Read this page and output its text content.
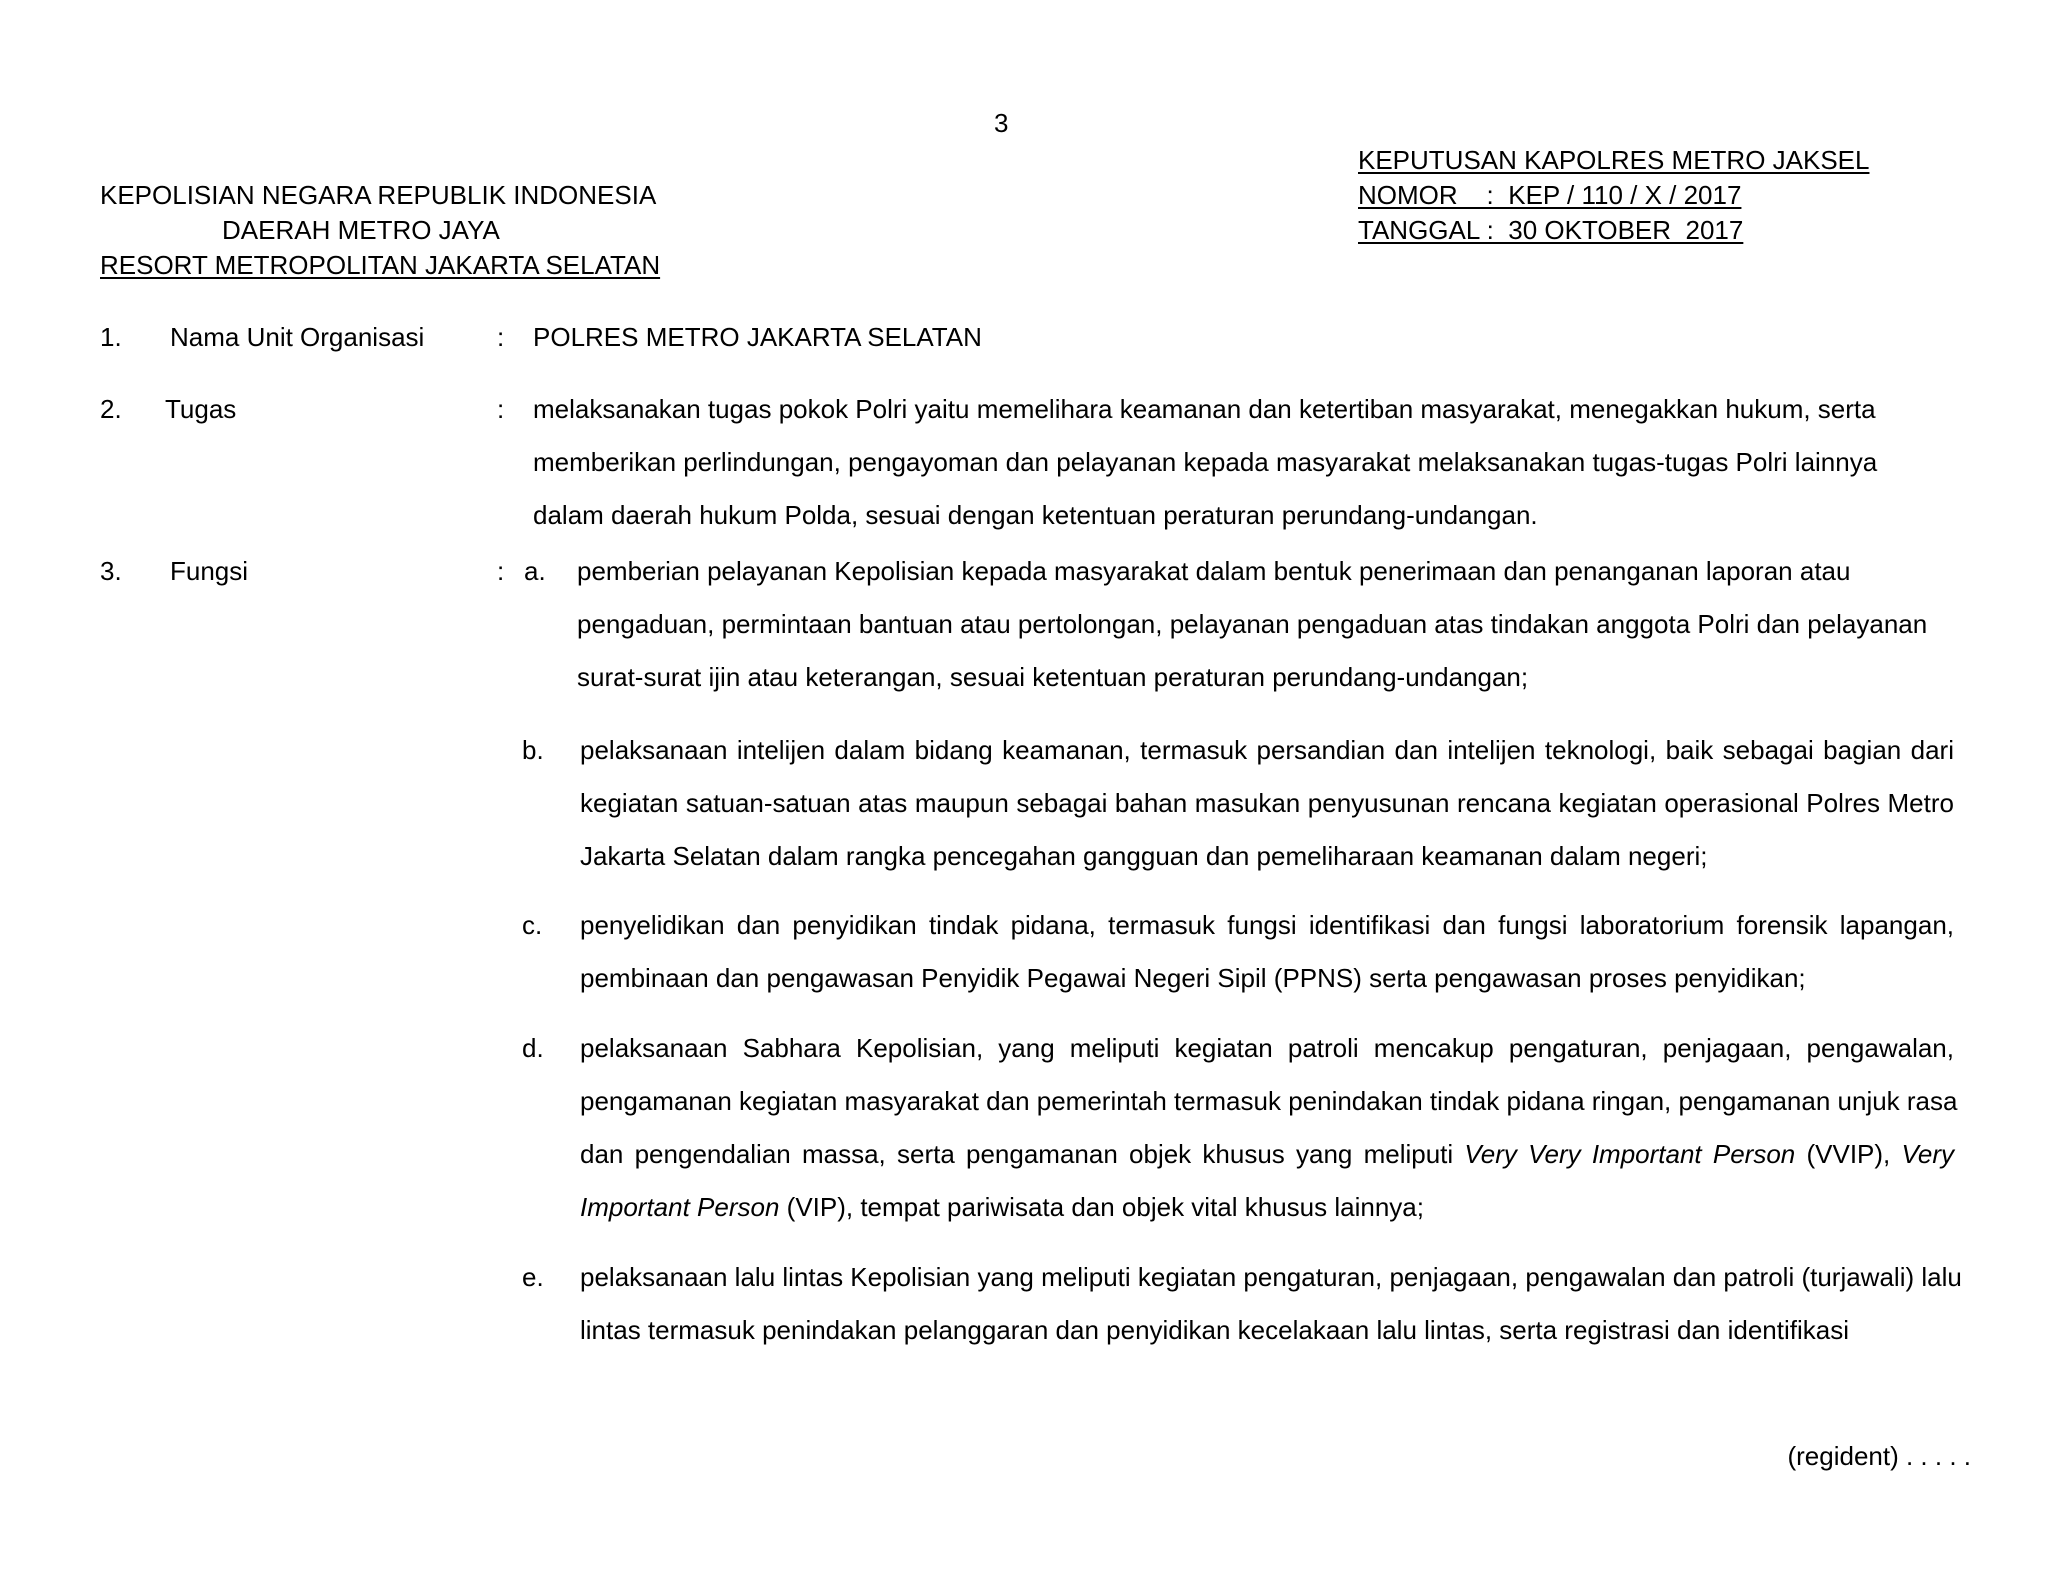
3
KEPOLISIAN NEGARA REPUBLIK INDONESIA
DAERAH METRO JAYA
RESORT METROPOLITAN JAKARTA SELATAN
KEPUTUSAN KAPOLRES METRO JAKSEL
NOMOR    :  KEP / 110 / X / 2017
TANGGAL :  30 OKTOBER  2017
1. Nama Unit Organisasi	: POLRES METRO JAKARTA SELATAN
2. Tugas	: melaksanakan tugas pokok Polri yaitu memelihara keamanan dan ketertiban masyarakat, menegakkan hukum, serta
memberikan perlindungan, pengayoman dan pelayanan kepada masyarakat melaksanakan tugas-tugas Polri lainnya
dalam daerah hukum Polda, sesuai dengan ketentuan peraturan perundang-undangan.
3. Fungsi	: a. pemberian pelayanan Kepolisian kepada masyarakat dalam bentuk penerimaan dan penanganan laporan atau
pengaduan, permintaan bantuan atau pertolongan, pelayanan pengaduan atas tindakan anggota Polri dan pelayanan
surat-surat ijin atau keterangan, sesuai ketentuan peraturan perundang-undangan;
b. pelaksanaan intelijen dalam bidang keamanan, termasuk persandian dan intelijen teknologi, baik sebagai bagian dari
kegiatan satuan-satuan atas maupun sebagai bahan masukan penyusunan rencana kegiatan operasional Polres Metro
Jakarta Selatan dalam rangka pencegahan gangguan dan pemeliharaan keamanan dalam negeri;
c. penyelidikan dan penyidikan tindak pidana, termasuk fungsi identifikasi dan fungsi laboratorium forensik lapangan,
pembinaan dan pengawasan Penyidik Pegawai Negeri Sipil (PPNS) serta pengawasan proses penyidikan;
d. pelaksanaan Sabhara Kepolisian, yang meliputi kegiatan patroli mencakup pengaturan, penjagaan, pengawalan,
pengamanan kegiatan masyarakat dan pemerintah termasuk penindakan tindak pidana ringan, pengamanan unjuk rasa
dan pengendalian massa, serta pengamanan objek khusus yang meliputi Very Very Important Person (VVIP), Very
Important Person (VIP), tempat pariwisata dan objek vital khusus lainnya;
e. pelaksanaan lalu lintas Kepolisian yang meliputi kegiatan pengaturan, penjagaan, pengawalan dan patroli (turjawali) lalu
lintas termasuk penindakan pelanggaran dan penyidikan kecelakaan lalu lintas, serta registrasi dan identifikasi
(regident) . . . . .
